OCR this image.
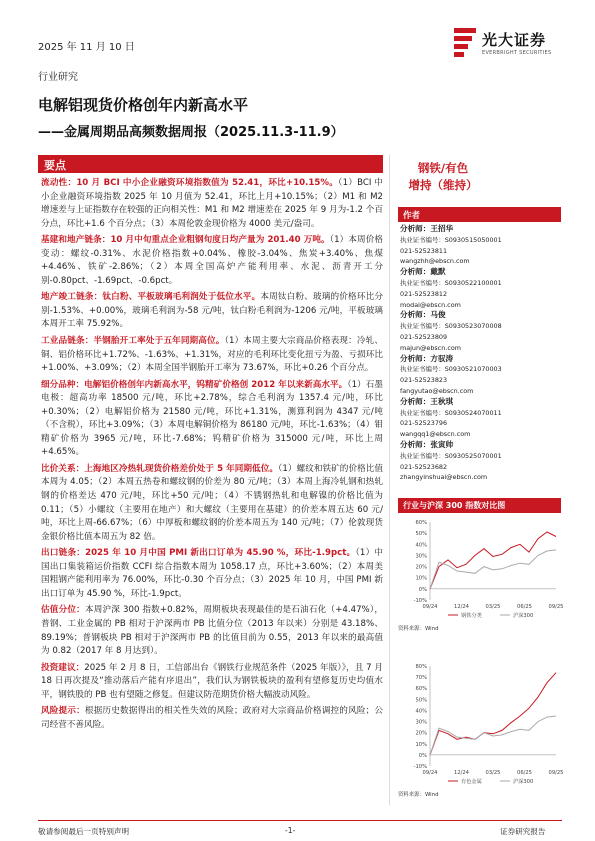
2025 年 11 月 10 日	光大证券
EVERBRIGHT SECURITIES
行业研究
电解铝现货价格创年内新高水平
——金属周期品高频数据周报（2025.11.3-11.9）
要点
流动性：10 月 BCI 中小企业融资环境指数值为 52.41，环比+10.15%。（1）BCI 中小企业融资环境指数 2025 年 10 月值为 52.41，环比上月+10.15%；（2）M1 和 M2 增速差与上证指数存在较强的正向相关性：M1 和 M2 增速差在 2025 年 9 月为-1.2 个百分点，环比+1.6 个百分点；（3）本周伦敦金现价格为 4000 美元/盎司。
基建和地产链条：10 月中旬重点企业粗钢旬度日均产量为 201.40 万吨。（1）本周价格变动：螺纹-0.31%、水泥价格指数+0.04%、橡胶-3.04%、焦炭+3.40%、焦煤+4.46%、铁矿-2.86%；（2）本周全国高炉产能利用率、水泥、沥青开工分别-0.80pct、-1.69pct、-0.6pct。
地产竣工链条：钛白粉、平板玻璃毛利润处于低位水平。本周钛白粉、玻璃的价格环比分别-1.53%、+0.00%，玻璃毛利润为-58 元/吨，钛白粉毛利润为-1206 元/吨，平板玻璃本周开工率 75.92%。
工业品链条：半钢胎开工率处于五年同期高位。（1）本周主要大宗商品价格表现：冷轧、铜、铝价格环比+1.72%、-1.63%、+1.31%，对应的毛利环比变化扭亏为盈、亏损环比+1.00%、+3.09%；（2）本周全国半钢胎开工率为 73.67%，环比+0.26 个百分点。
细分品种：电解铝价格创年内新高水平，钨精矿价格创 2012 年以来新高水平。（1）石墨电极：超高功率 18500 元/吨，环比+2.78%，综合毛利润为 1357.4 元/吨，环比+0.30%；（2）电解铝价格为 21580 元/吨，环比+1.31%，测算利润为 4347 元/吨（不含税），环比+3.09%；（3）本周电解铜价格为 86180 元/吨，环比-1.63%；（4）钼精矿价格为 3965 元/吨，环比-7.68%；钨精矿价格为 315000 元/吨，环比上周+4.65%。
比价关系：上海地区冷热轧现货价格差价处于 5 年同期低位。（1）螺纹和铁矿的价格比值本周为 4.05；（2）本周五热卷和螺纹钢的价差为 80 元/吨；（3）本周上海冷轧钢和热轧钢的价格差达 470 元/吨，环比+50 元/吨；（4）不锈钢热轧和电解镍的价格比值为 0.11；（5）小螺纹（主要用在地产）和大螺纹（主要用在基建）的价差本周五达 60 元/吨，环比上周-66.67%；（6）中厚板和螺纹钢的价差本周五为 140 元/吨；（7）伦敦现货金银价格比值本周五为 82 倍。
出口链条：2025 年 10 月中国 PMI 新出口订单为 45.90 %，环比-1.9pct。（1）中国出口集装箱运价指数 CCFI 综合指数本周为 1058.17 点，环比+3.60%；（2）本周美国粗钢产能利用率为 76.00%，环比-0.30 个百分点；（3）2025 年 10 月，中国 PMI 新出口订单为 45.90 %，环比-1.9pct。
估值分位：本周沪深 300 指数+0.82%，周期板块表现最佳的是石油石化（+4.47%），普钢、工业金属的 PB 相对于沪深两市 PB 比值分位（2013 年以来）分别是 43.18%、89.19%；普钢板块 PB 相对于沪深两市 PB 的比值目前为 0.55，2013 年以来的最高值为 0.82（2017 年 8 月达到）。
投资建议：2025 年 2 月 8 日，工信部出台《钢铁行业规范条件（2025 年版）》，且 7 月 18 日再次提及“推动落后产能有序退出”，我们认为钢铁板块的盈利有望修复历史均值水平，钢铁股的 PB 也有望随之修复。但建议防范期货价格大幅波动风险。
风险提示：根据历史数据得出的相关性失效的风险；政府对大宗商品价格调控的风险；公司经营不善风险。
钢铁/有色
增持（维持）
作者
分析师：王招华
执业证书编号：S0930515050001
021-52523811
wangzhh@ebscn.com
分析师：戴默
执业证书编号：S0930522100001
021-52523812
modai@ebscn.com
分析师：马俊
执业证书编号：S0930523070008
021-52523809
majun@ebscn.com
分析师：方驭涛
执业证书编号：S0930521070003
021-52523823
fangyutao@ebscn.com
分析师：王秋琪
执业证书编号：S0930524070011
021-52523796
wangqq1@ebscn.com
分析师：张寅帅
执业证书编号：S0930525070001
021-52523682
zhangyinshuai@ebscn.com
行业与沪深 300 指数对比图
60%
50%
40%
30%
20%
10%
0%
-10%
09/24	12/24	03/25	06/25	09/25
钢铁分类	沪深300
资料来源：Wind
80%
70%
60%
50%
40%
30%
20%
10%
0%
-10%
09/24	12/24	03/25	06/25	09/25
有色金属	沪深300
资料来源：Wind
敬请参阅最后一页特别声明	-1-	证券研究报告
